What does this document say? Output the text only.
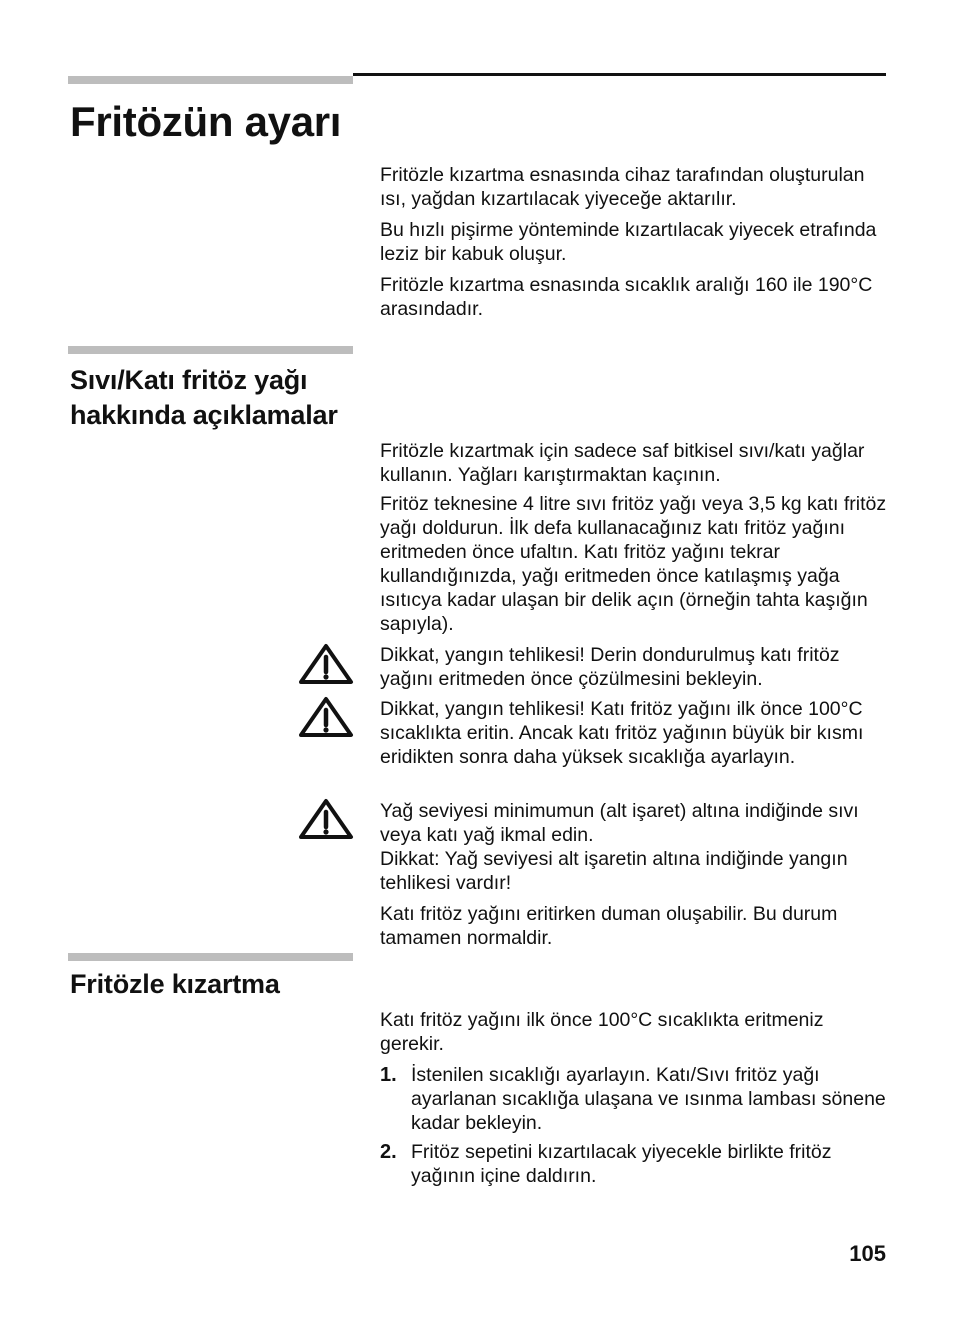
Fritözün ayarı

Fritözle kızartma esnasında cihaz tarafından oluşturulan ısı, yağdan kızartılacak yiyeceğe aktarılır.

Bu hızlı pişirme yönteminde kızartılacak yiyecek etrafında leziz bir kabuk oluşur.

Fritözle kızartma esnasında sıcaklık aralığı 160 ile 190°C arasındadır.

Sıvı/Katı fritöz yağı hakkında açıklamalar

Fritözle kızartmak için sadece saf bitkisel sıvı/katı yağlar kullanın. Yağları karıştırmaktan kaçının.

Fritöz teknesine 4 litre sıvı fritöz yağı veya 3,5 kg katı fritöz yağı doldurun. İlk defa kullanacağınız katı fritöz yağını eritmeden önce ufaltın. Katı fritöz yağını tekrar kullandığınızda, yağı eritmeden önce katılaşmış yağa ısıtıcya kadar ulaşan bir delik açın (örneğin tahta kaşığın sapıyla).

Dikkat, yangın tehlikesi! Derin dondurulmuş katı fritöz yağını eritmeden önce çözülmesini bekleyin.

Dikkat, yangın tehlikesi! Katı fritöz yağını ilk önce 100°C sıcaklıkta eritin. Ancak katı fritöz yağının büyük bir kısmı eridikten sonra daha yüksek sıcaklığa ayarlayın.

Yağ seviyesi minimumun (alt işaret) altına indiğinde sıvı veya katı yağ ikmal edin.

Dikkat: Yağ seviyesi alt işaretin altına indiğinde yangın tehlikesi vardır!

Katı fritöz yağını eritirken duman oluşabilir. Bu durum tamamen normaldir.

Fritözle kızartma

Katı fritöz yağını ilk önce 100°C sıcaklıkta eritmeniz gerekir.

1. İstenilen sıcaklığı ayarlayın. Katı/Sıvı fritöz yağı ayarlanan sıcaklığa ulaşana ve ısınma lambası sönene kadar bekleyin.

2. Fritöz sepetini kızartılacak yiyecekle birlikte fritöz yağının içine daldırın.

105
